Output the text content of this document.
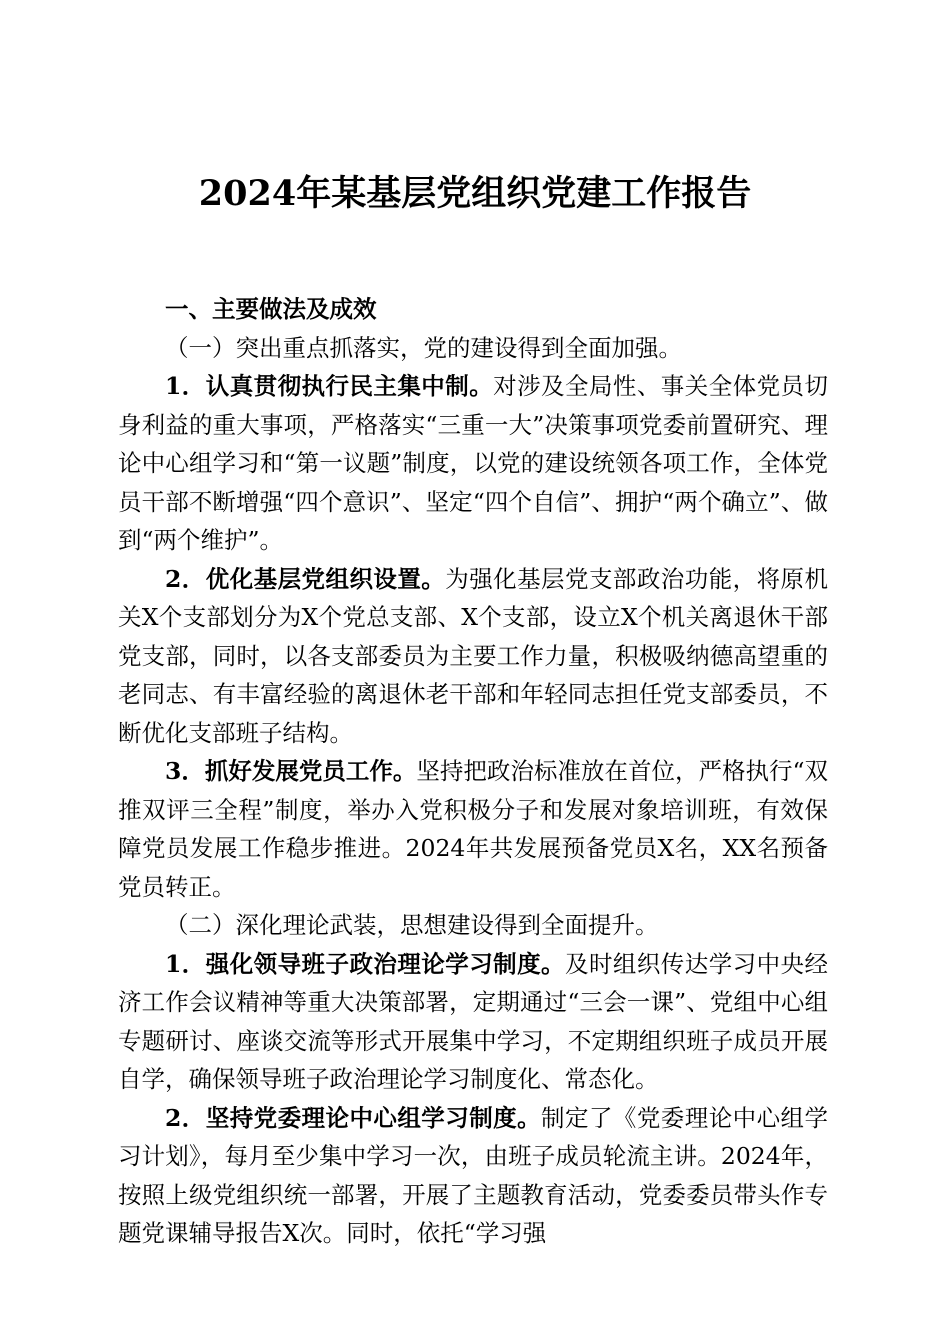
2024年某基层党组织党建工作报告

一、主要做法及成效

（一）突出重点抓落实，党的建设得到全面加强。

1．认真贯彻执行民主集中制。对涉及全局性、事关全体党员切身利益的重大事项，严格落实“三重一大”决策事项党委前置研究、理论中心组学习和“第一议题”制度，以党的建设统领各项工作，全体党员干部不断增强“四个意识”、坚定“四个自信”、拥护“两个确立”、做到“两个维护”。

2．优化基层党组织设置。为强化基层党支部政治功能，将原机关X个支部划分为X个党总支部、X个支部，设立X个机关离退休干部党支部，同时，以各支部委员为主要工作力量，积极吸纳德高望重的老同志、有丰富经验的离退休老干部和年轻同志担任党支部委员，不断优化支部班子结构。

3．抓好发展党员工作。坚持把政治标准放在首位，严格执行“双推双评三全程”制度，举办入党积极分子和发展对象培训班，有效保障党员发展工作稳步推进。2024年共发展预备党员X名，XX名预备党员转正。

（二）深化理论武装，思想建设得到全面提升。

1．强化领导班子政治理论学习制度。及时组织传达学习中央经济工作会议精神等重大决策部署，定期通过“三会一课”、党组中心组专题研讨、座谈交流等形式开展集中学习，不定期组织班子成员开展自学，确保领导班子政治理论学习制度化、常态化。

2．坚持党委理论中心组学习制度。制定了《党委理论中心组学习计划》，每月至少集中学习一次，由班子成员轮流主讲。2024年，按照上级党组织统一部署，开展了主题教育活动，党委委员带头作专题党课辅导报告X次。同时，依托“学习强
